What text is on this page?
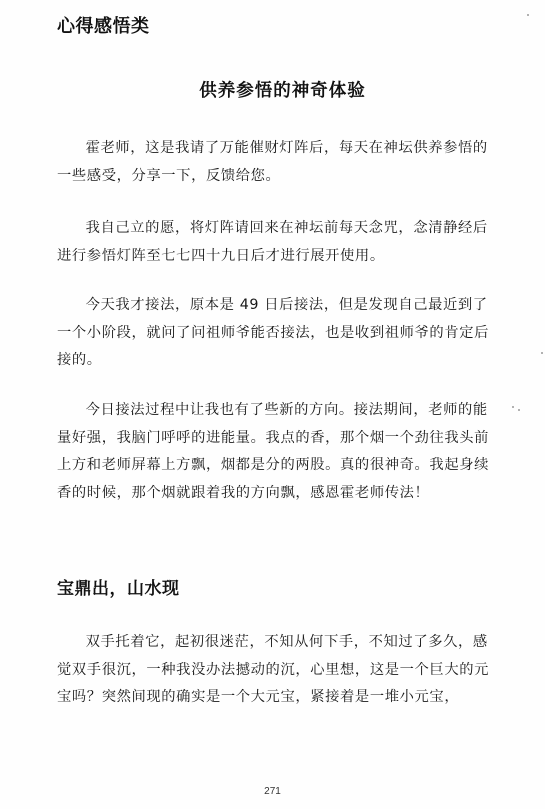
心得感悟类
供养参悟的神奇体验

霍老师，这是我请了万能催财灯阵后，每天在神坛供养参悟的一些感受，分享一下，反馈给您。

我自己立的愿，将灯阵请回来在神坛前每天念咒，念清静经后进行参悟灯阵至七七四十九日后才进行展开使用。

今天我才接法，原本是 49 日后接法，但是发现自己最近到了一个小阶段，就问了问祖师爷能否接法，也是收到祖师爷的肯定后接的。

今日接法过程中让我也有了些新的方向。接法期间，老师的能量好强，我脑门呼呼的进能量。我点的香，那个烟一个劲往我头前上方和老师屏幕上方飘，烟都是分的两股。真的很神奇。我起身续香的时候，那个烟就跟着我的方向飘，感恩霍老师传法！

宝鼎出，山水现

双手托着它，起初很迷茫，不知从何下手，不知过了多久，感觉双手很沉，一种我没办法撼动的沉，心里想，这是一个巨大的元宝吗？突然间现的确实是一个大元宝，紧接着是一堆小元宝，

271
